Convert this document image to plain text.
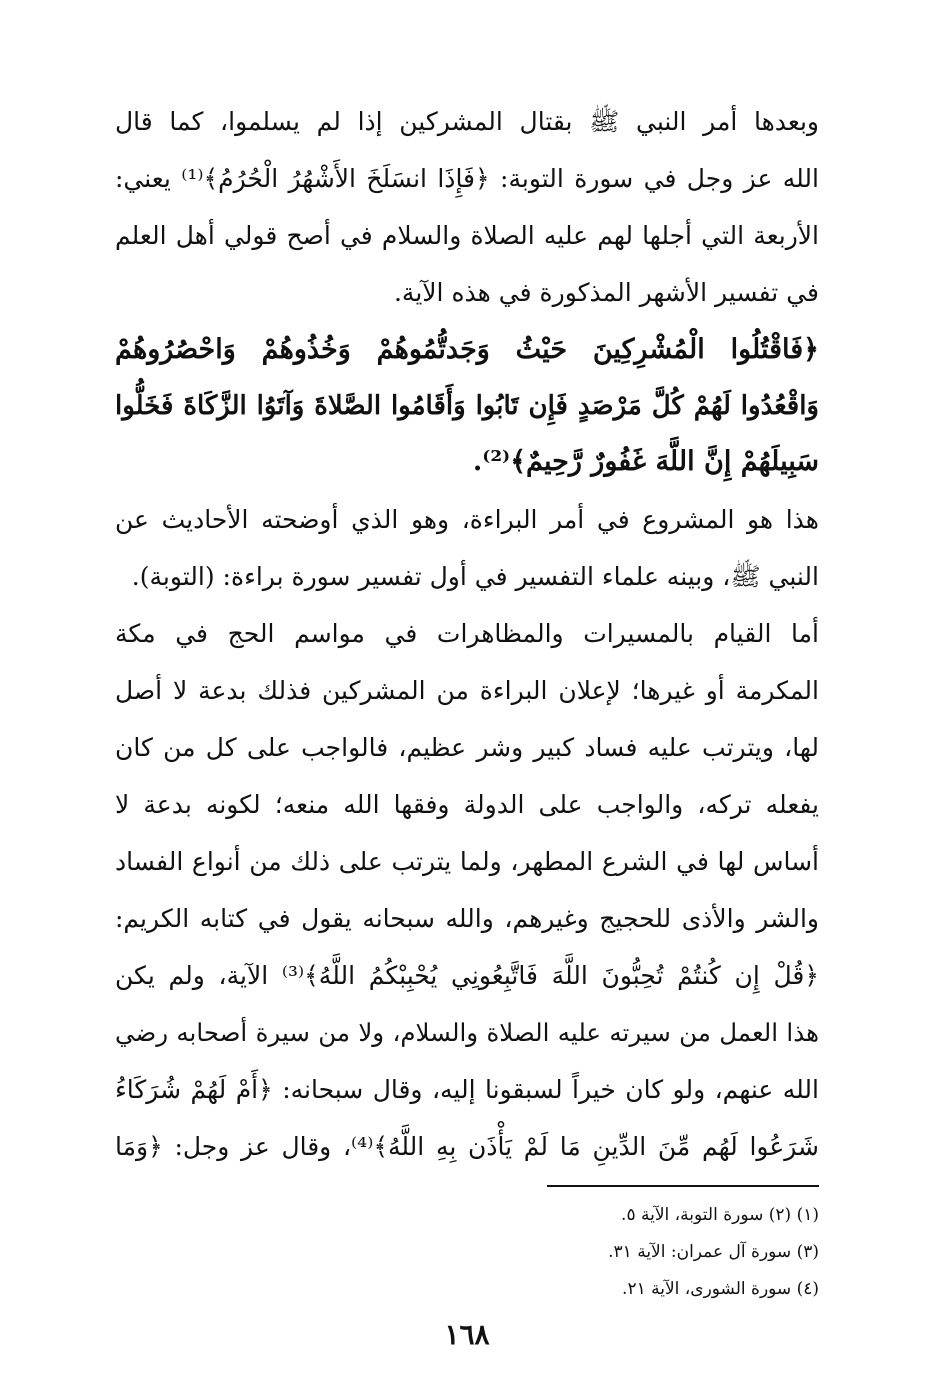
وبعدها أمر النبي ﷺ بقتال المشركين إذا لم يسلموا، كما قال
الله عز وجل في سورة التوبة: ﴿فَإِذَا انسَلَخَ الأَشْهُرُ الْحُرُمُ﴾⁽¹⁾ يعني:
الأربعة التي أجلها لهم عليه الصلاة والسلام في أصح قولي أهل العلم
في تفسير الأشهر المذكورة في هذه الآية.
﴿فَاقْتُلُوا الْمُشْرِكِينَ حَيْثُ وَجَدتُّمُوهُمْ وَخُذُوهُمْ وَاحْصُرُوهُمْ
وَاقْعُدُوا لَهُمْ كُلَّ مَرْصَدٍ فَإِن تَابُوا وَأَقَامُوا الصَّلاةَ وَآتَوُا الزَّكَاةَ فَخَلُّوا
سَبِيلَهُمْ إِنَّ اللَّهَ غَفُورٌ رَّحِيمٌ﴾⁽²⁾.
هذا هو المشروع في أمر البراءة، وهو الذي أوضحته الأحاديث عن
النبي ﷺ، وبينه علماء التفسير في أول تفسير سورة براءة: (التوبة).
أما القيام بالمسيرات والمظاهرات في مواسم الحج في مكة
المكرمة أو غيرها؛ لإعلان البراءة من المشركين فذلك بدعة لا أصل
لها، ويترتب عليه فساد كبير وشر عظيم، فالواجب على كل من كان
يفعله تركه، والواجب على الدولة وفقها الله منعه؛ لكونه بدعة لا
أساس لها في الشرع المطهر، ولما يترتب على ذلك من أنواع الفساد
والشر والأذى للحجيج وغيرهم، والله سبحانه يقول في كتابه الكريم:
﴿قُلْ إِن كُنتُمْ تُحِبُّونَ اللَّهَ فَاتَّبِعُونِي يُحْبِبْكُمُ اللَّهُ﴾⁽³⁾ الآية، ولم يكن
هذا العمل من سيرته عليه الصلاة والسلام، ولا من سيرة أصحابه رضي
الله عنهم، ولو كان خيراً لسبقونا إليه، وقال سبحانه: ﴿أَمْ لَهُمْ شُرَكَاءُ
شَرَعُوا لَهُم مِّنَ الدِّينِ مَا لَمْ يَأْذَن بِهِ اللَّهُ﴾⁽⁴⁾، وقال عز وجل: ﴿وَمَا
(١) (٢) سورة التوبة، الآية ٥.
(٣) سورة آل عمران: الآية ٣١.
(٤) سورة الشورى، الآية ٢١.
١٦٨
